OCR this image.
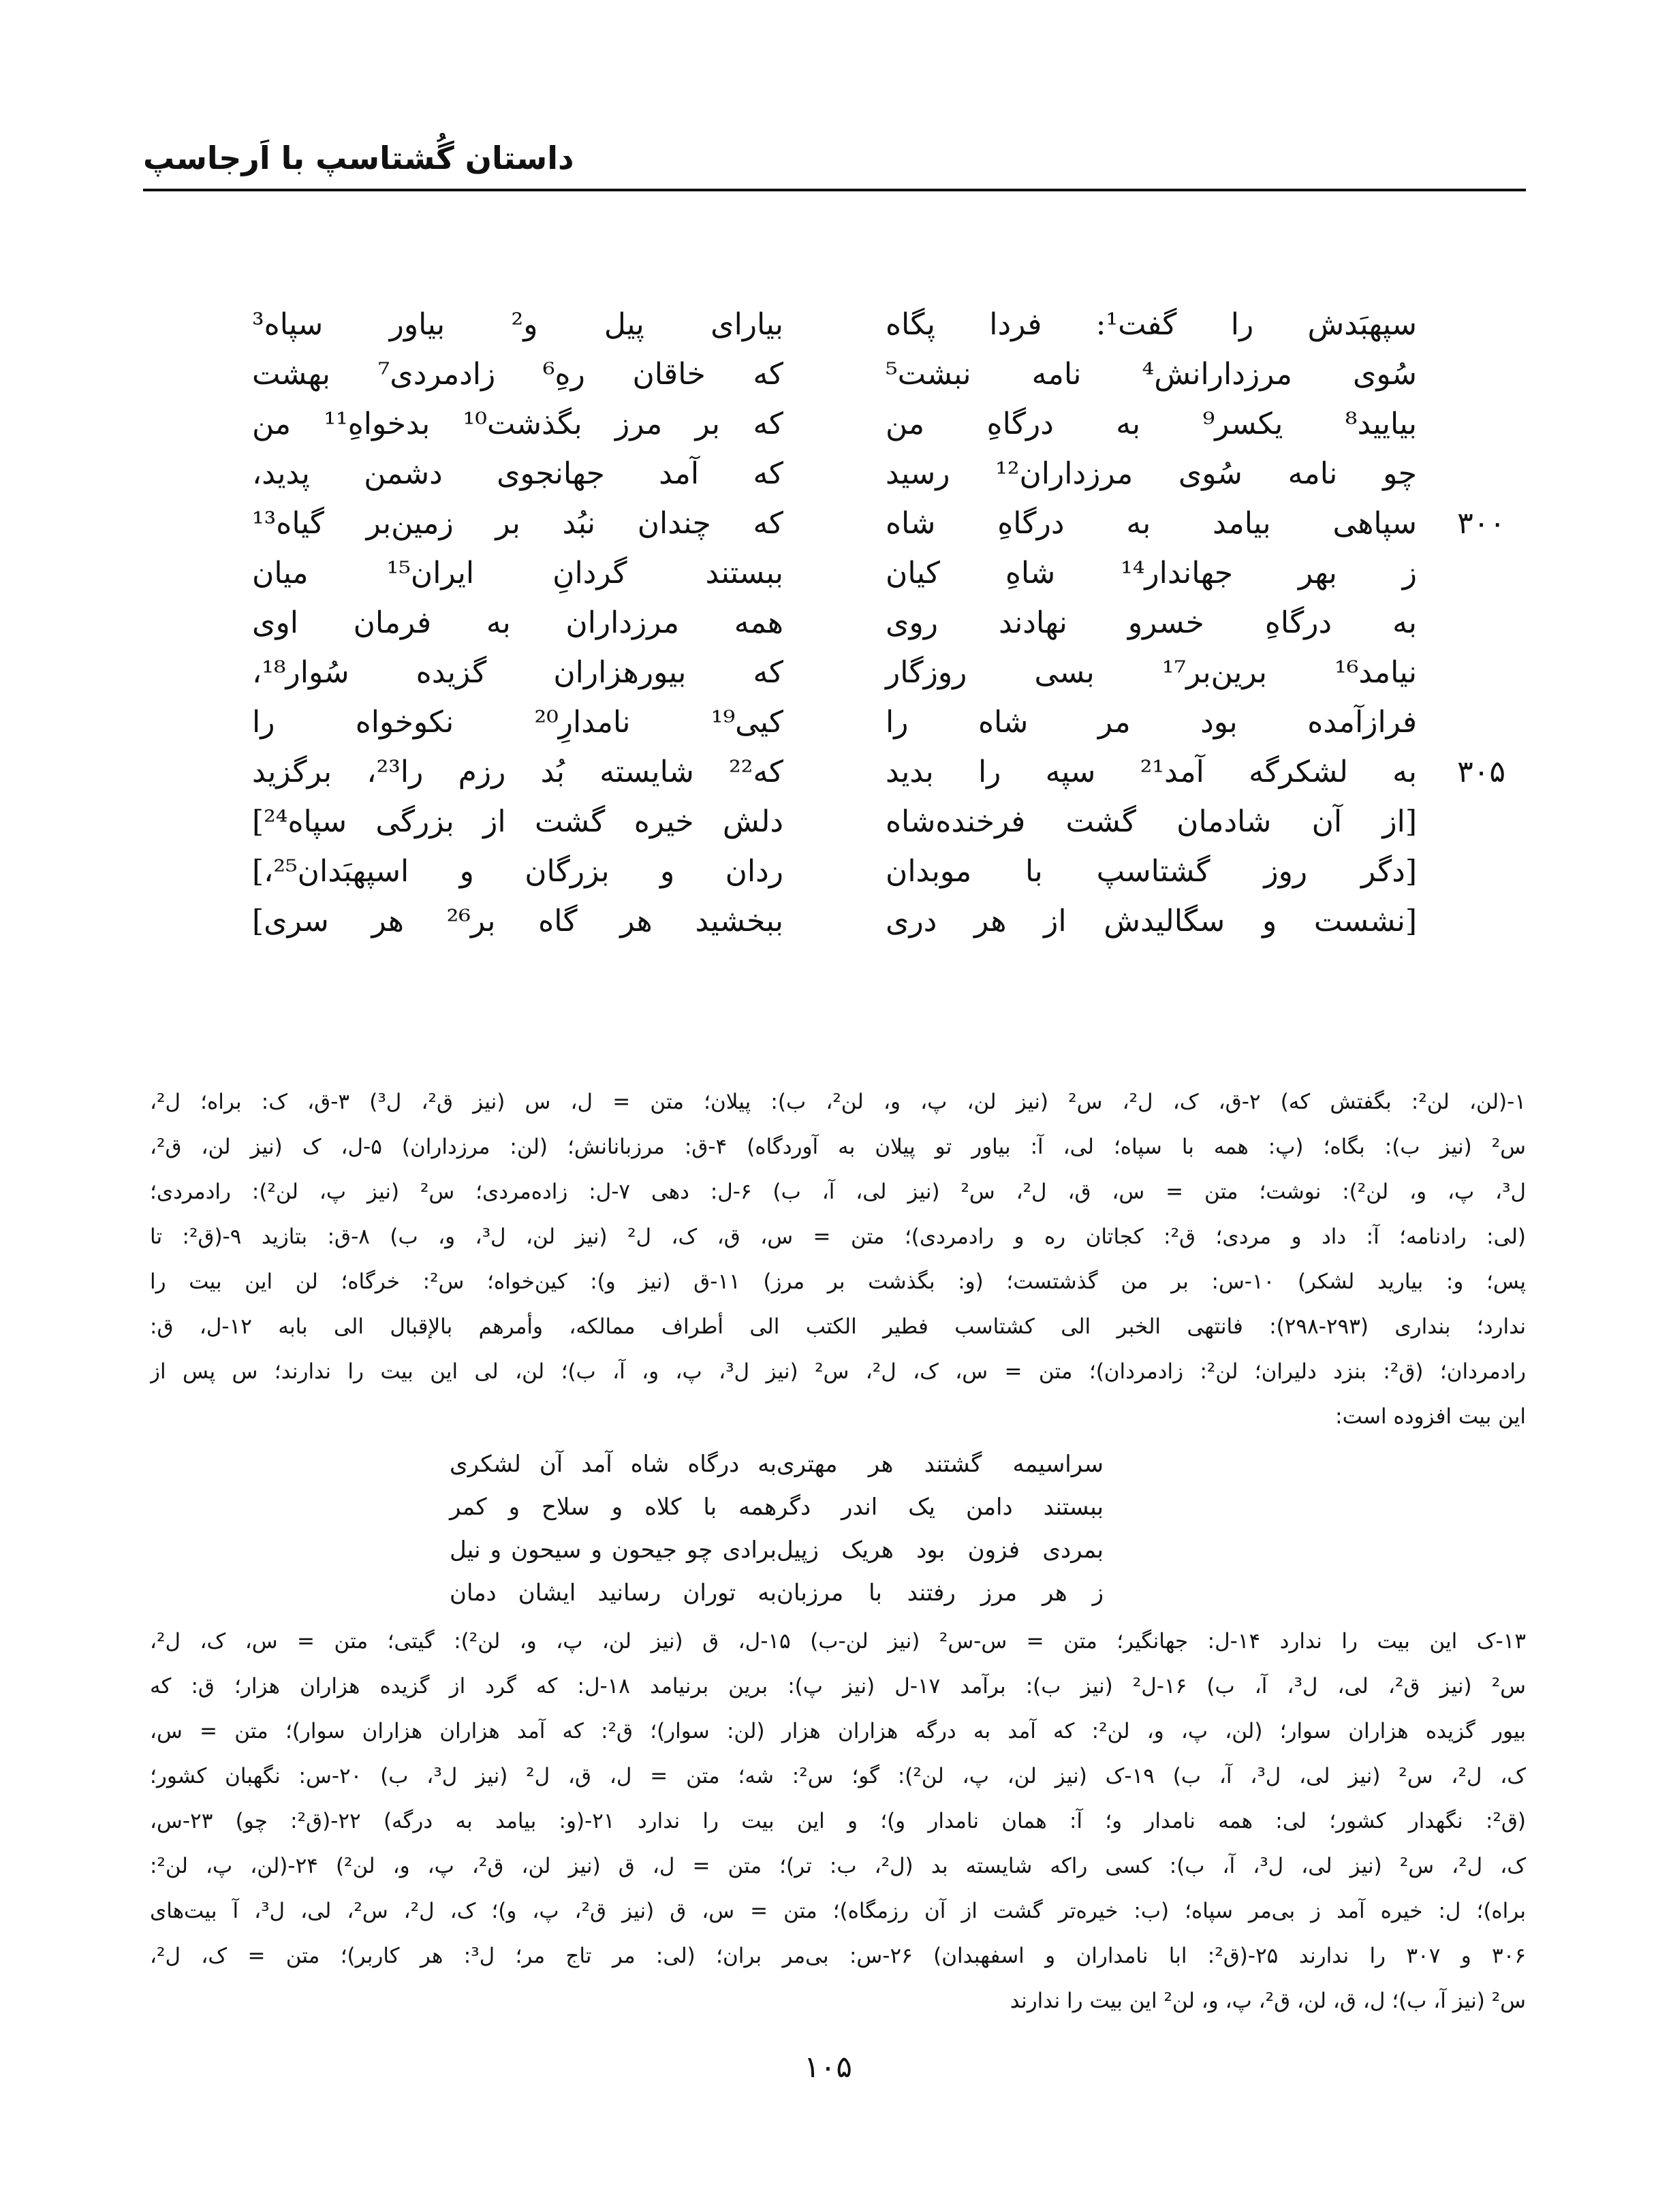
داستان گُشتاسپ با اَرجاسپ
سپهبَدش را گفت¹: فردا پگاه
بیارای پیل و² بیاور سپاه³
سُوی مرزدارانش⁴ نامه نبشت⁵
که خاقان رهِ⁶ زادمردی⁷ بهشت
بیایید⁸ یکسر⁹ به درگاهِ من
که بر مرز بگذشت¹⁰ بدخواهِ¹¹ من
چو نامه سُوی مرزداران¹² رسید
که آمد جهانجوی دشمن پدید،
۳۰۰
سپاهی بیامد به درگاهِ شاه
که چندان نبُد بر زمین‌بر گیاه¹³
ز بهر جهاندار¹⁴ شاهِ کیان
ببستند گردانِ ایران¹⁵ میان
به درگاهِ خسرو نهادند روی
همه مرزداران به فرمان اوی
نیامد¹⁶ برین‌بر¹⁷ بسی روزگار
که بیورهزاران گزیده سُوار¹⁸،
فرازآمده بود مر شاه را
کیی¹⁹ نامدارِ²⁰ نکوخواه را
۳۰۵
به لشکرگه آمد²¹ سپه را بدید
که²² شایسته بُد رزم را²³، برگزید
[از آن شادمان گشت فرخنده‌شاه
دلش خیره گشت از بزرگی سپاه²⁴]
[دگر روز گشتاسپ با موبدان
ردان و بزرگان و اسپهبَدان²⁵،]
[نشست و سگالیدش از هر دری
ببخشید هر گاه بر²⁶ هر سری]
۱-(لن، لن²: بگفتش که) ۲-ق، ک، ل²، س² (نیز لن، پ، و، لن²، ب): پیلان؛ متن = ل، س (نیز ق²، ل³) ۳-ق، ک: براه؛ ل²،
س² (نیز ب): بگاه؛ (پ: همه با سپاه؛ لی، آ: بیاور تو پیلان به آوردگاه) ۴-ق: مرزبانانش؛ (لن: مرزداران) ۵-ل، ک (نیز لن، ق²،
ل³، پ، و، لن²): نوشت؛ متن = س، ق، ل²، س² (نیز لی، آ، ب) ۶-ل: دهی ۷-ل: زاده‌مردی؛ س² (نیز پ، لن²): رادمردی؛
(لی: رادنامه؛ آ: داد و مردی؛ ق²: کجاتان ره و رادمردی)؛ متن = س، ق، ک، ل² (نیز لن، ل³، و، ب) ۸-ق: بتازید ۹-(ق²: تا
پس؛ و: بیارید لشکر) ۱۰-س: بر من گذشتست؛ (و: بگذشت بر مرز) ۱۱-ق (نیز و): کین‌خواه؛ س²: خرگاه؛ لن این بیت را
ندارد؛ بنداری (۲۹۳-۲۹۸): فانتهی الخبر الی کشتاسب فطیر الکتب الی أطراف ممالکه، وأمرهم بالإقبال الی بابه ۱۲-ل، ق:
رادمردان؛ (ق²: بنزد دلیران؛ لن²: زادمردان)؛ متن = س، ک، ل²، س² (نیز ل³، پ، و، آ، ب)؛ لن، لی این بیت را ندارند؛ س پس از
این بیت افزوده است:
سراسیمه گشتند هر مهتری
به درگاه شاه آمد آن لشکری
ببستند دامن یک اندر دگر
همه با کلاه و سلاح و کمر
بمردی فزون بود هریک زپیل
برادی چو جیحون و سیحون و نیل
ز هر مرز رفتند با مرزبان
به توران رسانید ایشان دمان
۱۳-ک این بیت را ندارد ۱۴-ل: جهانگیر؛ متن = س-س² (نیز لن-ب) ۱۵-ل، ق (نیز لن، پ، و، لن²): گیتی؛ متن = س، ک، ل²،
س² (نیز ق²، لی، ل³، آ، ب) ۱۶-ل² (نیز ب): برآمد ۱۷-ل (نیز پ): برین برنیامد ۱۸-ل: که گرد از گزیده هزاران هزار؛ ق: که
بیور گزیده هزاران سوار؛ (لن، پ، و، لن²: که آمد به درگه هزاران هزار (لن: سوار)؛ ق²: که آمد هزاران هزاران سوار)؛ متن = س،
ک، ل²، س² (نیز لی، ل³، آ، ب) ۱۹-ک (نیز لن، پ، لن²): گو؛ س²: شه؛ متن = ل، ق، ل² (نیز ل³، ب) ۲۰-س: نگهبان کشور؛
(ق²: نگهدار کشور؛ لی: همه نامدار و؛ آ: همان نامدار و)؛ و این بیت را ندارد ۲۱-(و: بیامد به درگه) ۲۲-(ق²: چو) ۲۳-س،
ک، ل²، س² (نیز لی، ل³، آ، ب): کسی راکه شایسته بد (ل²، ب: تر)؛ متن = ل، ق (نیز لن، ق²، پ، و، لن²) ۲۴-(لن، پ، لن²:
براه)؛ ل: خیره آمد ز بی‌مر سپاه؛ (ب: خیره‌تر گشت از آن رزمگاه)؛ متن = س، ق (نیز ق²، پ، و)؛ ک، ل²، س²، لی، ل³، آ بیت‌های
۳۰۶ و ۳۰۷ را ندارند ۲۵-(ق²: ابا نامداران و اسفهبدان) ۲۶-س: بی‌مر بران؛ (لی: مر تاج مر؛ ل³: هر کاربر)؛ متن = ک، ل²،
س² (نیز آ، ب)؛ ل، ق، لن، ق²، پ، و، لن² این بیت را ندارند
۱۰۵
